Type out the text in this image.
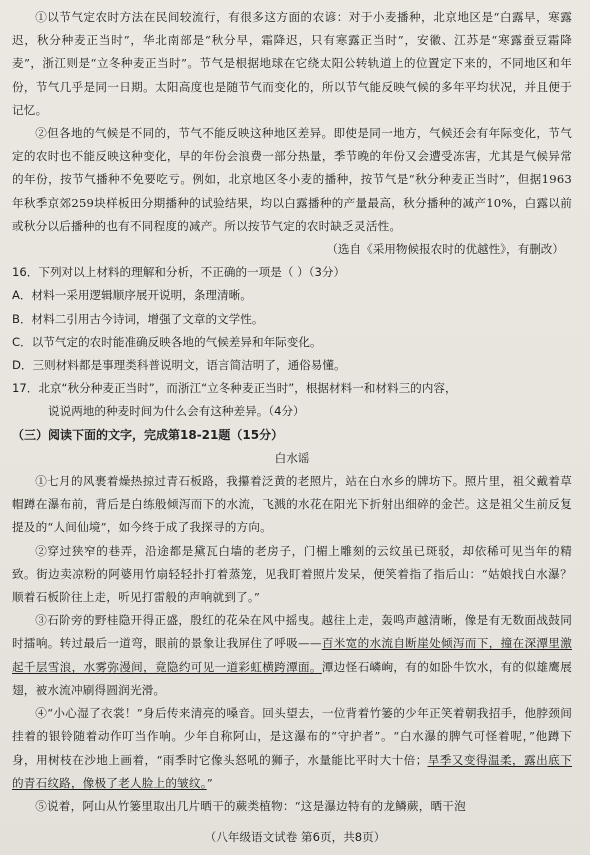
①以节气定农时方法在民间较流行，有很多这方面的农谚：对于小麦播种，北京地区是“白露早，寒露迟，秋分种麦正当时”，华北南部是“秋分早，霜降迟，只有寒露正当时”，安徽、江苏是“寒露蚕豆霜降麦”，浙江则是“立冬种麦正当时”。节气是根据地球在它绕太阳公转轨道上的位置定下来的，不同地区和年份，节气几乎是同一日期。太阳高度也是随节气而变化的，所以节气能反映气候的多年平均状况，并且便于记忆。

②但各地的气候是不同的，节气不能反映这种地区差异。即使是同一地方，气候还会有年际变化，节气定的农时也不能反映这种变化，早的年份会浪费一部分热量，季节晚的年份又会遭受冻害，尤其是气候异常的年份，按节气播种不免要吃亏。例如，北京地区冬小麦的播种，按节气是“秋分种麦正当时”，但据1963年秋季京郊259块样板田分期播种的试验结果，均以白露播种的产量最高，秋分播种的减产10%，白露以前或秋分以后播种的也有不同程度的减产。所以按节气定的农时缺乏灵活性。

（选自《采用物候报农时的优越性》，有删改）

16．下列对以上材料的理解和分析，不正确的一项是（ ）（3分）

A．材料一采用逻辑顺序展开说明，条理清晰。

B．材料二引用古今诗词，增强了文章的文学性。

C．以节气定的农时能准确反映各地的气候差异和年际变化。

D．三则材料都是事理类科普说明文，语言简洁明了，通俗易懂。

17．北京“秋分种麦正当时”，而浙江“立冬种麦正当时”，根据材料一和材料三的内容，

说说两地的种麦时间为什么会有这种差异。（4分）

（三）阅读下面的文字，完成第18-21题（15分）

白水谣

①七月的风裹着燥热掠过青石板路，我攥着泛黄的老照片，站在白水乡的牌坊下。照片里，祖父戴着草帽蹲在瀑布前，背后是白练般倾泻而下的水流，飞溅的水花在阳光下折射出细碎的金芒。这是祖父生前反复提及的“人间仙境”，如今终于成了我探寻的方向。

②穿过狭窄的巷弄，沿途都是黛瓦白墙的老房子，门楣上雕刻的云纹虽已斑驳，却依稀可见当年的精致。街边卖凉粉的阿婆用竹扇轻轻扑打着蒸笼，见我盯着照片发呆，便笑着指了指后山：“姑娘找白水瀑？顺着石板阶往上走，听见打雷般的声响就到了。”

③石阶旁的野桂隐开得正盛，殷红的花朵在风中摇曳。越往上走，轰鸣声越清晰，像是有无数面战鼓同时擂响。转过最后一道弯，眼前的景象让我屏住了呼吸——百米宽的水流自断崖处倾泻而下，撞在深潭里激起千层雪浪，水雾弥漫间，竟隐约可见一道彩虹横跨潭面。潭边怪石嶙峋，有的如卧牛饮水，有的似雄鹰展翅，被水流冲刷得圆润光滑。

④“小心湿了衣裳！”身后传来清亮的嗓音。回头望去，一位背着竹篓的少年正笑着朝我招手，他脖颈间挂着的银铃随着动作叮当作响。少年自称阿山，是这瀑布的“守护者”。“白水瀑的脾气可怪着呢，”他蹲下身，用树枝在沙地上画着，“雨季时它像头怒吼的狮子，水量能比平时大十倍；旱季又变得温柔，露出底下的青石纹路，像极了老人脸上的皱纹。”

⑤说着，阿山从竹篓里取出几片晒干的蕨类植物：“这是瀑边特有的龙鳞蕨，晒干泡

（八年级语文试卷 第6页，共8页）
